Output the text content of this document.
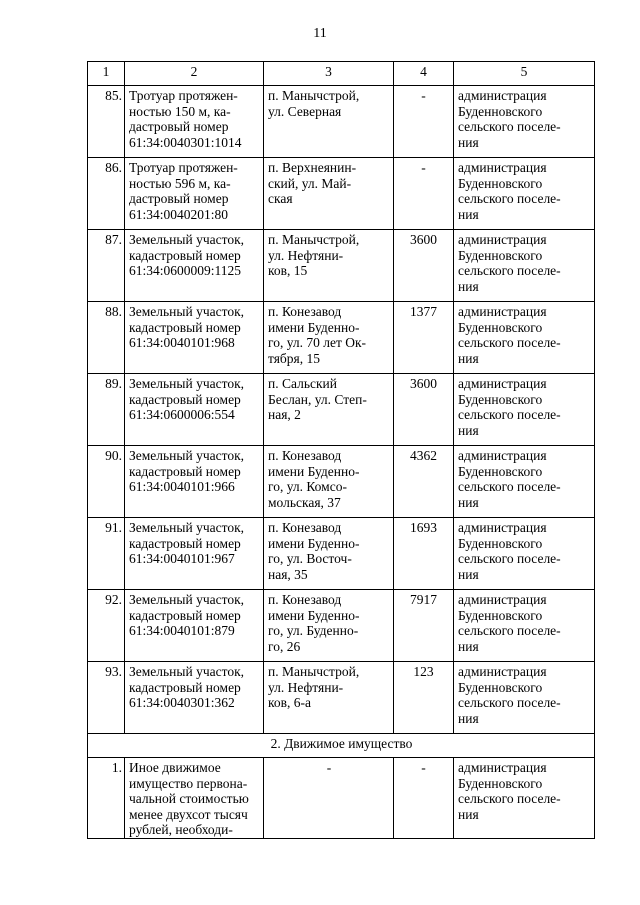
11
1	2	3	4	5
85.	Тротуар протяжен-
ностью 150 м, ка-
дастровый номер
61:34:0040301:1014	п. Манычстрой,
ул. Северная	-	администрация
Буденновского
сельского поселе-
ния
86.	Тротуар протяжен-
ностью 596 м, ка-
дастровый номер
61:34:0040201:80	п. Верхнеянин-
ский, ул. Май-
ская	-	администрация
Буденновского
сельского поселе-
ния
87.	Земельный участок,
кадастровый номер
61:34:0600009:1125	п. Манычстрой,
ул. Нефтяни-
ков, 15	3600	администрация
Буденновского
сельского поселе-
ния
88.	Земельный участок,
кадастровый номер
61:34:0040101:968	п. Конезавод
имени Буденно-
го, ул. 70 лет Ок-
тября, 15	1377	администрация
Буденновского
сельского поселе-
ния
89.	Земельный участок,
кадастровый номер
61:34:0600006:554	п. Сальский
Беслан, ул. Степ-
ная, 2	3600	администрация
Буденновского
сельского поселе-
ния
90.	Земельный участок,
кадастровый номер
61:34:0040101:966	п. Конезавод
имени Буденно-
го, ул. Комсо-
мольская, 37	4362	администрация
Буденновского
сельского поселе-
ния
91.	Земельный участок,
кадастровый номер
61:34:0040101:967	п. Конезавод
имени Буденно-
го, ул. Восточ-
ная, 35	1693	администрация
Буденновского
сельского поселе-
ния
92.	Земельный участок,
кадастровый номер
61:34:0040101:879	п. Конезавод
имени Буденно-
го, ул. Буденно-
го, 26	7917	администрация
Буденновского
сельского поселе-
ния
93.	Земельный участок,
кадастровый номер
61:34:0040301:362	п. Манычстрой,
ул. Нефтяни-
ков, 6-а	123	администрация
Буденновского
сельского поселе-
ния
2. Движимое имущество				
1.	Иное движимое
имущество первона-
чальной стоимостью
менее двухсот тысяч
рублей, необходи-	-	-	администрация
Буденновского
сельского поселе-
ния
